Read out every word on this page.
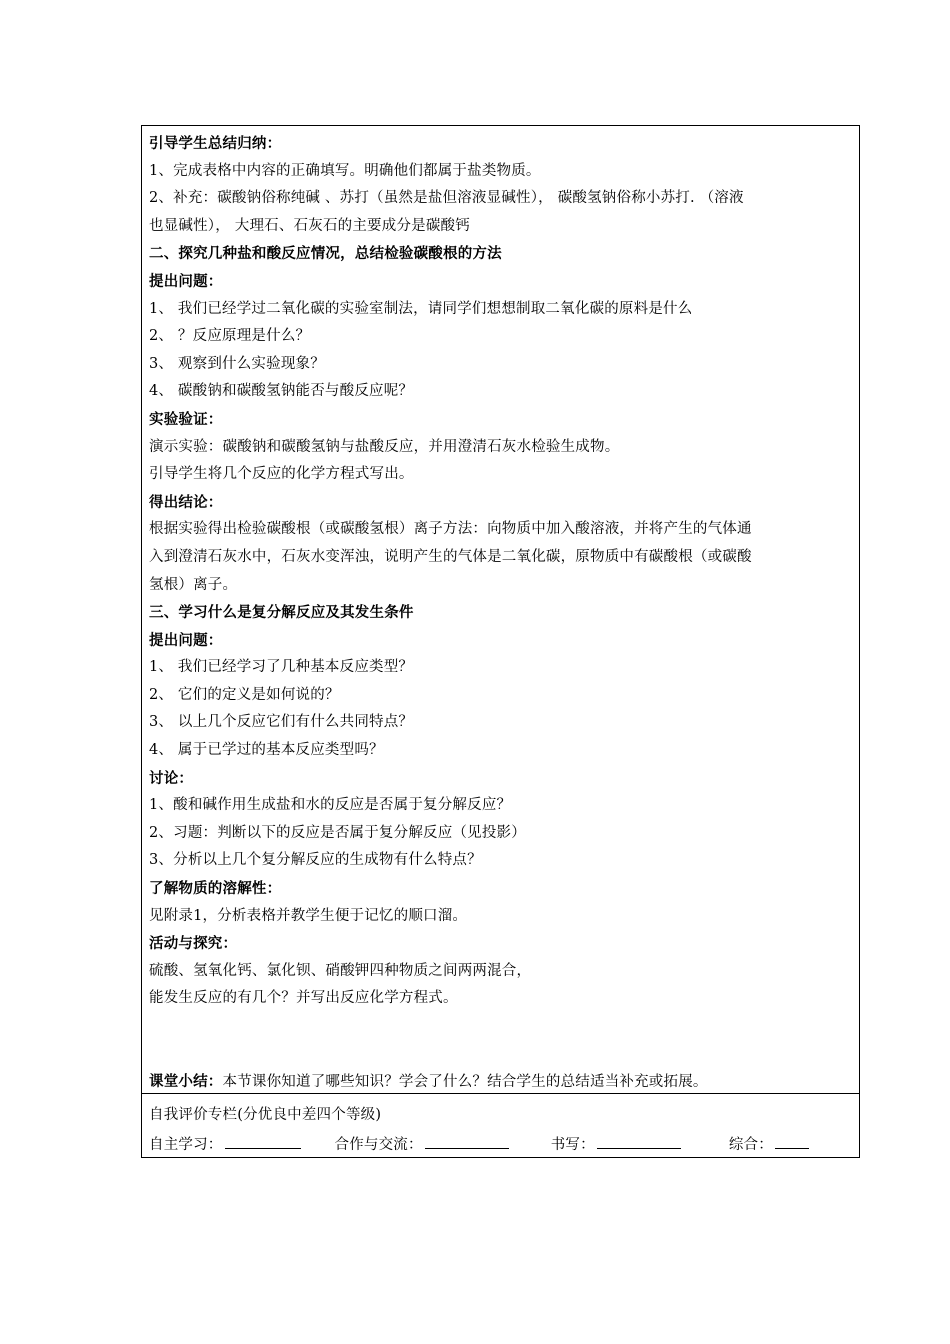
引导学生总结归纳：
1、完成表格中内容的正确填写。明确他们都属于盐类物质。
2、补充：碳酸钠俗称纯碱 、苏打（虽然是盐但溶液显碱性）， 碳酸氢钠俗称小苏打. （溶液
也显碱性）， 大理石、石灰石的主要成分是碳酸钙
二、探究几种盐和酸反应情况，总结检验碳酸根的方法
提出问题：
1、 我们已经学过二氧化碳的实验室制法，请同学们想想制取二氧化碳的原料是什么
2、 ？反应原理是什么？
3、 观察到什么实验现象？
4、 碳酸钠和碳酸氢钠能否与酸反应呢？
实验验证：
演示实验：碳酸钠和碳酸氢钠与盐酸反应，并用澄清石灰水检验生成物。
引导学生将几个反应的化学方程式写出。
得出结论：
根据实验得出检验碳酸根（或碳酸氢根）离子方法：向物质中加入酸溶液，并将产生的气体通
入到澄清石灰水中，石灰水变浑浊，说明产生的气体是二氧化碳，原物质中有碳酸根（或碳酸
氢根）离子。
三、学习什么是复分解反应及其发生条件
提出问题：
1、 我们已经学习了几种基本反应类型？
2、 它们的定义是如何说的？
3、 以上几个反应它们有什么共同特点？
4、 属于已学过的基本反应类型吗？
讨论：
1、酸和碱作用生成盐和水的反应是否属于复分解反应？
2、习题：判断以下的反应是否属于复分解反应（见投影）
3、分析以上几个复分解反应的生成物有什么特点？
了解物质的溶解性：
见附录1，分析表格并教学生便于记忆的顺口溜。
活动与探究：
硫酸、氢氧化钙、氯化钡、硝酸钾四种物质之间两两混合，
能发生反应的有几个？并写出反应化学方程式。
课堂小结：本节课你知道了哪些知识？学会了什么？结合学生的总结适当补充或拓展。
自我评价专栏(分优良中差四个等级)
自主学习：	合作与交流：	书写：	综合：
